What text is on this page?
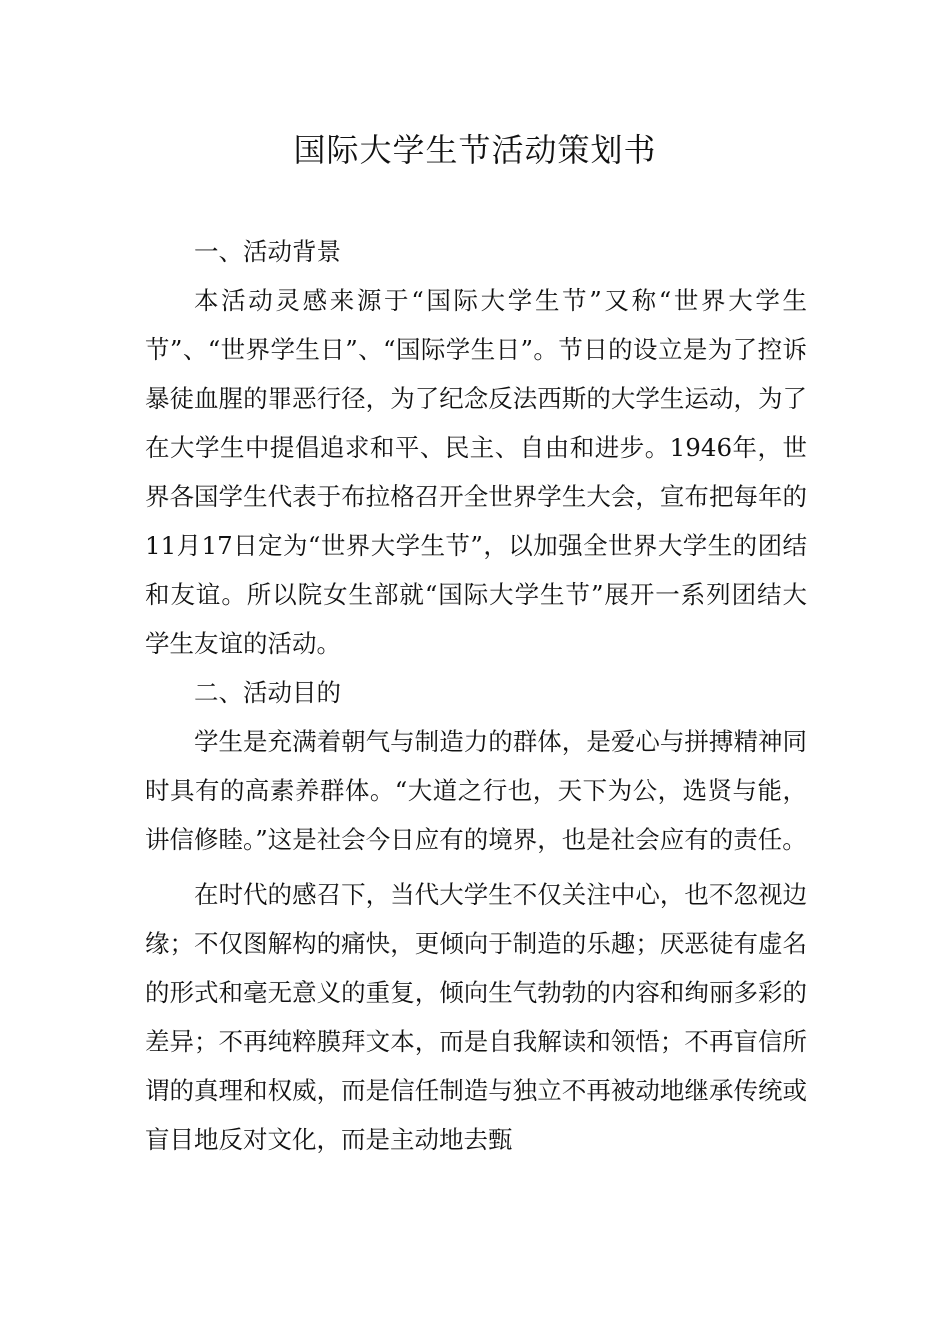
国际大学生节活动策划书

一、活动背景

本活动灵感来源于“国际大学生节”又称“世界大学生节”、“世界学生日”、“国际学生日”。节日的设立是为了控诉暴徒血腥的罪恶行径，为了纪念反法西斯的大学生运动，为了在大学生中提倡追求和平、民主、自由和进步。1946年，世界各国学生代表于布拉格召开全世界学生大会，宣布把每年的11月17日定为“世界大学生节”，以加强全世界大学生的团结和友谊。所以院女生部就“国际大学生节”展开一系列团结大学生友谊的活动。

二、活动目的

学生是充满着朝气与制造力的群体，是爱心与拼搏精神同时具有的高素养群体。“大道之行也，天下为公，选贤与能，讲信修睦。”这是社会今日应有的境界，也是社会应有的责任。

在时代的感召下，当代大学生不仅关注中心，也不忽视边缘；不仅图解构的痛快，更倾向于制造的乐趣；厌恶徒有虚名的形式和毫无意义的重复，倾向生气勃勃的内容和绚丽多彩的差异；不再纯粹膜拜文本，而是自我解读和领悟；不再盲信所谓的真理和权威，而是信任制造与独立不再被动地继承传统或盲目地反对文化，而是主动地去甄
